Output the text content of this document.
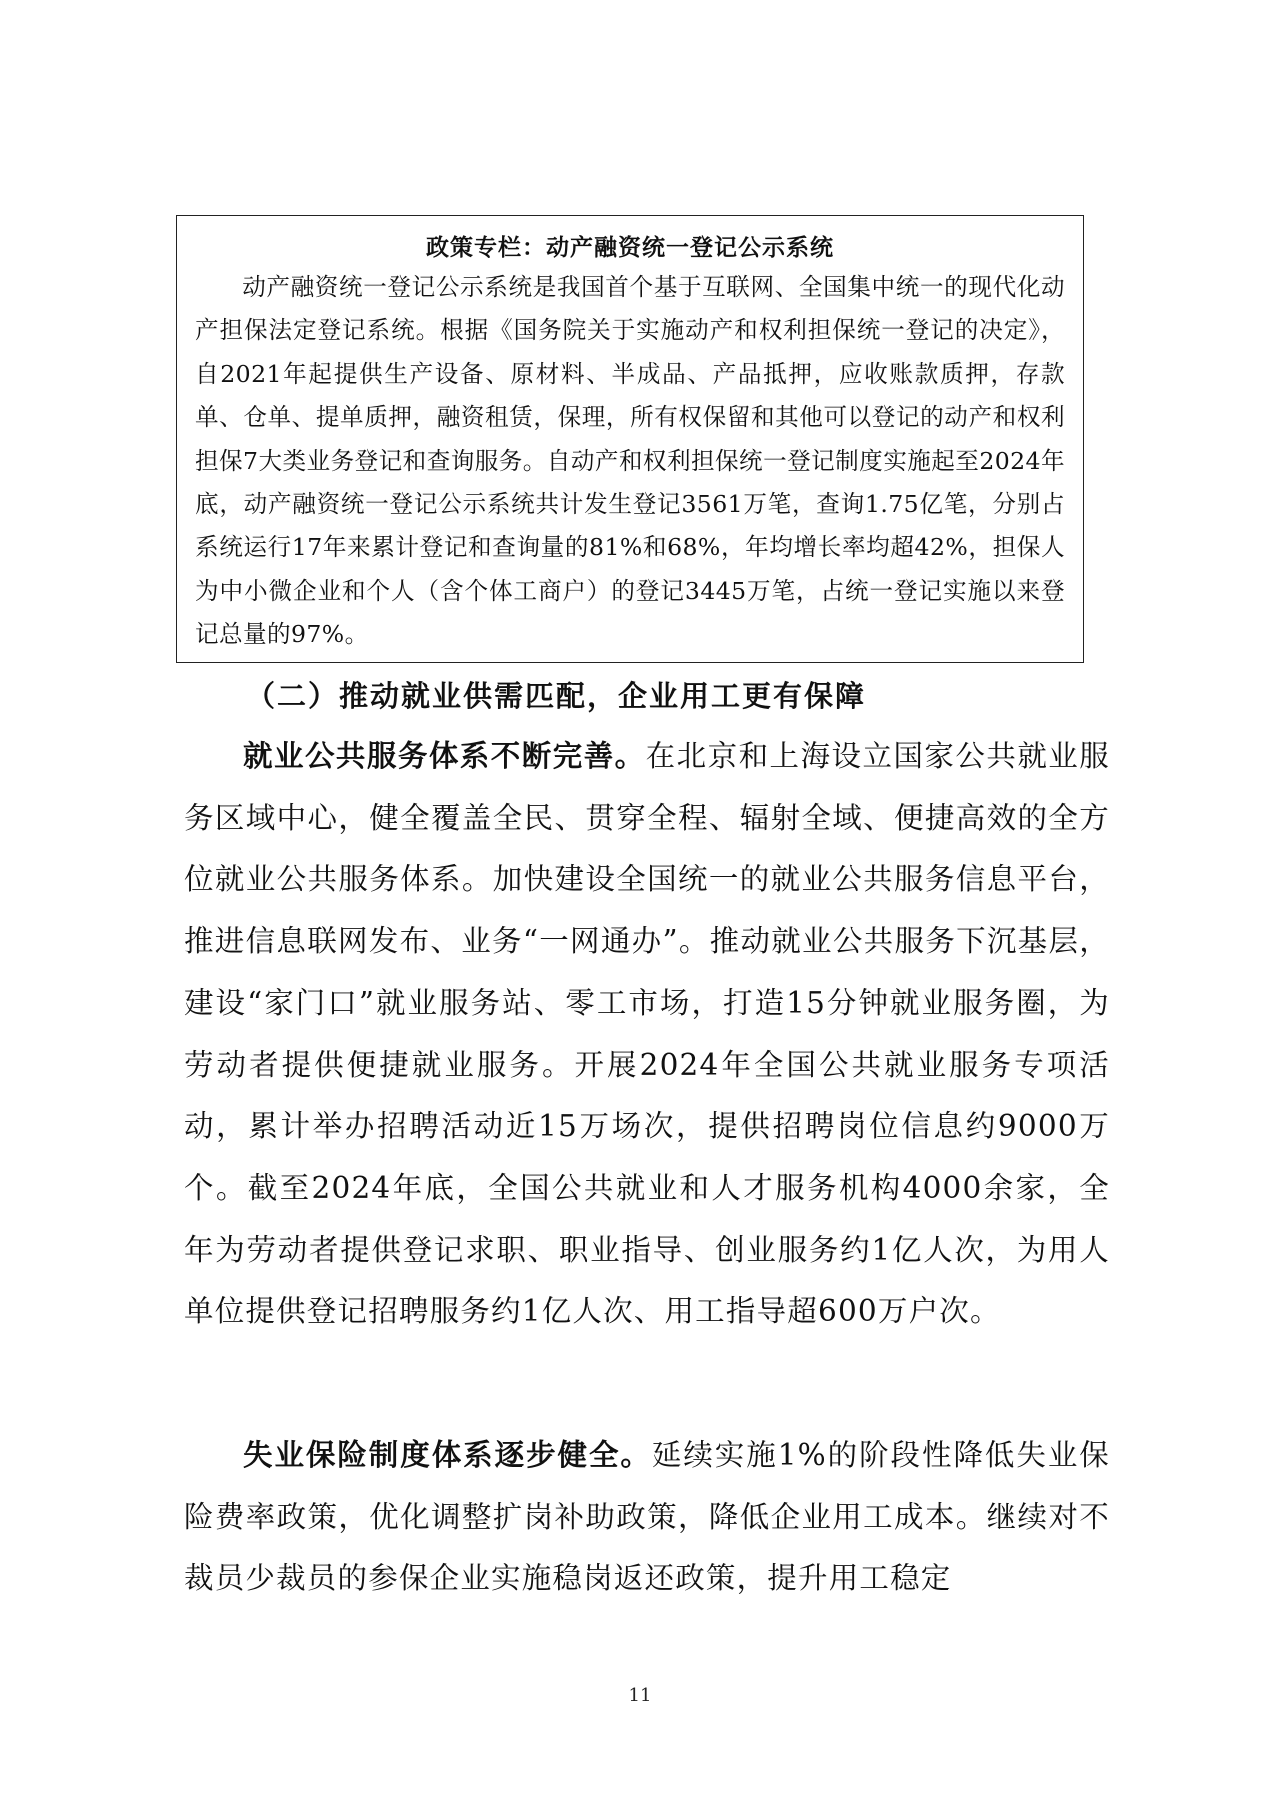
政策专栏：动产融资统一登记公示系统

动产融资统一登记公示系统是我国首个基于互联网、全国集中统一的现代化动产担保法定登记系统。根据《国务院关于实施动产和权利担保统一登记的决定》，自2021年起提供生产设备、原材料、半成品、产品抵押，应收账款质押，存款单、仓单、提单质押，融资租赁，保理，所有权保留和其他可以登记的动产和权利担保7大类业务登记和查询服务。自动产和权利担保统一登记制度实施起至2024年底，动产融资统一登记公示系统共计发生登记3561万笔，查询1.75亿笔，分别占系统运行17年来累计登记和查询量的81%和68%，年均增长率均超42%，担保人为中小微企业和个人（含个体工商户）的登记3445万笔，占统一登记实施以来登记总量的97%。

（二）推动就业供需匹配，企业用工更有保障

就业公共服务体系不断完善。在北京和上海设立国家公共就业服务区域中心，健全覆盖全民、贯穿全程、辐射全域、便捷高效的全方位就业公共服务体系。加快建设全国统一的就业公共服务信息平台，推进信息联网发布、业务“一网通办”。推动就业公共服务下沉基层，建设“家门口”就业服务站、零工市场，打造15分钟就业服务圈，为劳动者提供便捷就业服务。开展2024年全国公共就业服务专项活动，累计举办招聘活动近15万场次，提供招聘岗位信息约9000万个。截至2024年底，全国公共就业和人才服务机构4000余家，全年为劳动者提供登记求职、职业指导、创业服务约1亿人次，为用人单位提供登记招聘服务约1亿人次、用工指导超600万户次。

失业保险制度体系逐步健全。延续实施1%的阶段性降低失业保险费率政策，优化调整扩岗补助政策，降低企业用工成本。继续对不裁员少裁员的参保企业实施稳岗返还政策，提升用工稳定

11
